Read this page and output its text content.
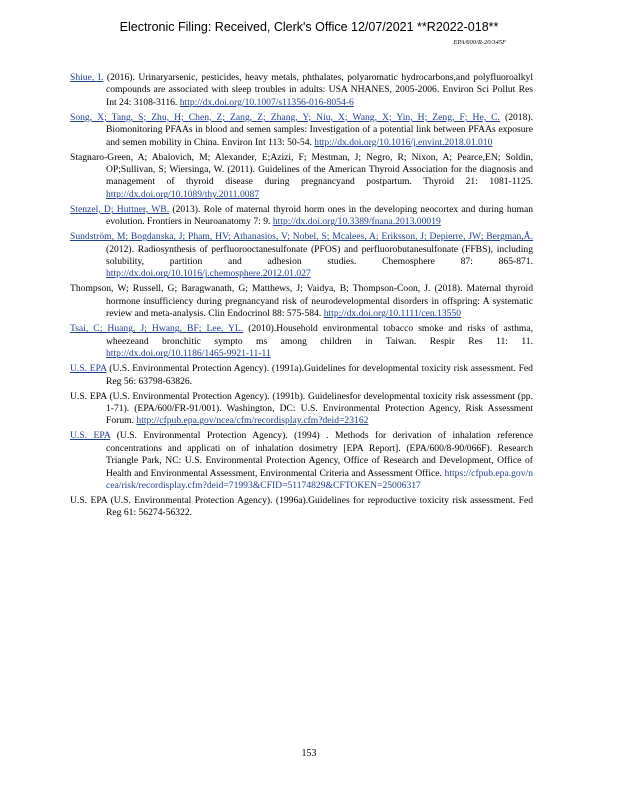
Electronic Filing: Received, Clerk's Office 12/07/2021 **R2022-018**
EPA/600/R-20/345F

Shiue, I. (2016). Urinaryarsenic, pesticides, heavy metals, phthalates, polyaromatic hydrocarbons,and polyfluoroalkyl compounds are associated with sleep troubles in adults: USA NHANES, 2005-2006. Environ Sci Pollut Res Int 24: 3108-3116. http://dx.doi.org/10.1007/s11356-016-8054-6

Song, X; Tang, S; Zhu, H; Chen, Z; Zang, Z; Zhang, Y; Niu, X; Wang, X; Yin, H; Zeng, F; He, C. (2018). Biomonitoring PFAAs in blood and semen samples: Investigation of a potential link between PFAAs exposure and semen mobility in China. Environ Int 113: 50-54. http://dx.doi.org/10.1016/j.envint.2018.01.010

Stagnaro-Green, A; Abalovich, M; Alexander, E;Azizi, F; Mestman, J; Negro, R; Nixon, A; Pearce,EN; Soldin, OP;Sullivan, S; Wiersinga, W. (2011). Guidelines of the American Thyroid Association for the diagnosis and management of thyroid disease during pregnancyand postpartum. Thyroid 21: 1081-1125. http://dx.doi.org/10.1089/thy.2011.0087

Stenzel, D; Huttner, WB. (2013). Role of maternal thyroid horm ones in the developing neocortex and during human evolution. Frontiers in Neuroanatomy 7: 9. http://dx.doi.org/10.3389/fnana.2013.00019

Sundström, M; Bogdanska, J; Pham, HV; Athanasios, V; Nobel, S; Mcalees, A; Eriksson, J; Depierre, JW; Bergman,Å. (2012). Radiosynthesis of perfluorooctanesulfonate (PFOS) and perfluorobutanesulfonate (FFBS), including solubility, partition and adhesion studies. Chemosphere 87: 865-871. http://dx.doi.org/10.1016/j.chemosphere.2012.01.027

Thompson, W; Russell, G; Baragwanath, G; Matthews, J; Vaidya, B; Thompson-Coon, J. (2018). Maternal thyroid hormone insufficiency during pregnancyand risk of neurodevelopmental disorders in offspring: A systematic review and meta-analysis. Clin Endocrinol 88: 575-584. http://dx.doi.org/10.1111/cen.13550

Tsai, C; Huang, J; Hwang, BF; Lee, YL. (2010).Household environmental tobacco smoke and risks of asthma, wheezeand bronchitic sympto ms among children in Taiwan. Respir Res 11: 11. http://dx.doi.org/10.1186/1465-9921-11-11

U.S. EPA (U.S. Environmental Protection Agency). (1991a).Guidelines for developmental toxicity risk assessment. Fed Reg 56: 63798-63826.

U.S. EPA (U.S. Environmental Protection Agency). (1991b). Guidelinesfor developmental toxicity risk assessment (pp. 1-71). (EPA/600/FR-91/001). Washington, DC: U.S. Environmental Protection Agency, Risk Assessment Forum. http://cfpub.epa.gov/ncea/cfm/recordisplay.cfm?deid=23162

U.S. EPA (U.S. Environmental Protection Agency). (1994) . Methods for derivation of inhalation reference concentrations and applicati on of inhalation dosimetry [EPA Report]. (EPA/600/8-90/066F). Research Triangle Park, NC: U.S. Environmental Protection Agency, Office of Research and Development, Office of Health and Environmental Assessment, Environmental Criteria and Assessment Office. https://cfpub.epa.gov/ncea/risk/recordisplay.cfm?deid=71993&CFID=51174829&CFTOKEN=25006317

U.S. EPA (U.S. Environmental Protection Agency). (1996a).Guidelines for reproductive toxicity risk assessment. Fed Reg 61: 56274-56322.

153
